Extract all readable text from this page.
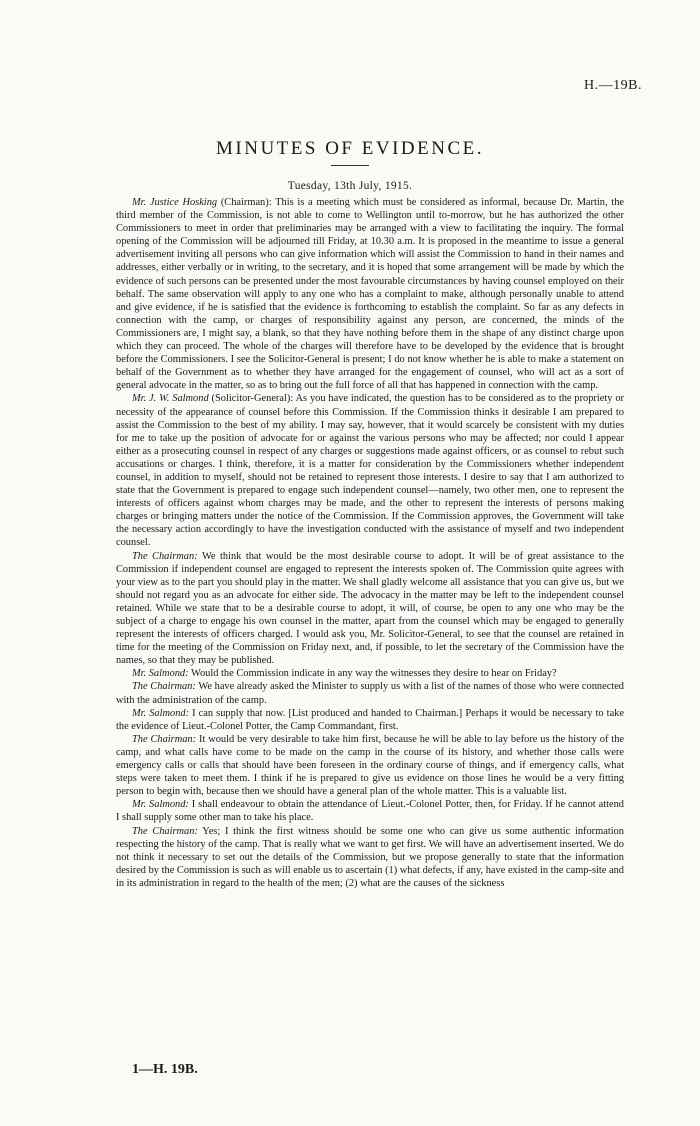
H.—19B.
MINUTES OF EVIDENCE.
Tuesday, 13th July, 1915.

Mr. Justice Hosking (Chairman): This is a meeting which must be considered as informal, because Dr. Martin, the third member of the Commission, is not able to come to Wellington until to-morrow, but he has authorized the other Commissioners to meet in order that preliminaries may be arranged with a view to facilitating the inquiry. The formal opening of the Commission will be adjourned till Friday, at 10.30 a.m. It is proposed in the meantime to issue a general advertisement inviting all persons who can give information which will assist the Commission to hand in their names and addresses, either verbally or in writing, to the secretary, and it is hoped that some arrangement will be made by which the evidence of such persons can be presented under the most favourable circumstances by having counsel employed on their behalf. The same observation will apply to any one who has a complaint to make, although personally unable to attend and give evidence, if he is satisfied that the evidence is forthcoming to establish the complaint. So far as any defects in connection with the camp, or charges of responsibility against any person, are concerned, the minds of the Commissioners are, I might say, a blank, so that they have nothing before them in the shape of any distinct charge upon which they can proceed. The whole of the charges will therefore have to be developed by the evidence that is brought before the Commissioners. I see the Solicitor-General is present; I do not know whether he is able to make a statement on behalf of the Government as to whether they have arranged for the engagement of counsel, who will act as a sort of general advocate in the matter, so as to bring out the full force of all that has happened in connection with the camp.

Mr. J. W. Salmond (Solicitor-General): As you have indicated, the question has to be considered as to the propriety or necessity of the appearance of counsel before this Commission. If the Commission thinks it desirable I am prepared to assist the Commission to the best of my ability. I may say, however, that it would scarcely be consistent with my duties for me to take up the position of advocate for or against the various persons who may be affected; nor could I appear either as a prosecuting counsel in respect of any charges or suggestions made against officers, or as counsel to rebut such accusations or charges. I think, therefore, it is a matter for consideration by the Commissioners whether independent counsel, in addition to myself, should not be retained to represent those interests. I desire to say that I am authorized to state that the Government is prepared to engage such independent counsel—namely, two other men, one to represent the interests of officers against whom charges may be made, and the other to represent the interests of persons making charges or bringing matters under the notice of the Commission. If the Commission approves, the Government will take the necessary action accordingly to have the investigation conducted with the assistance of myself and two independent counsel.

The Chairman: We think that would be the most desirable course to adopt. It will be of great assistance to the Commission if independent counsel are engaged to represent the interests spoken of. The Commission quite agrees with your view as to the part you should play in the matter. We shall gladly welcome all assistance that you can give us, but we should not regard you as an advocate for either side. The advocacy in the matter may be left to the independent counsel retained. While we state that to be a desirable course to adopt, it will, of course, be open to any one who may be the subject of a charge to engage his own counsel in the matter, apart from the counsel which may be engaged to generally represent the interests of officers charged. I would ask you, Mr. Solicitor-General, to see that the counsel are retained in time for the meeting of the Commission on Friday next, and, if possible, to let the secretary of the Commission have the names, so that they may be published.

Mr. Salmond: Would the Commission indicate in any way the witnesses they desire to hear on Friday?

The Chairman: We have already asked the Minister to supply us with a list of the names of those who were connected with the administration of the camp.

Mr. Salmond: I can supply that now. [List produced and handed to Chairman.] Perhaps it would be necessary to take the evidence of Lieut.-Colonel Potter, the Camp Commandant, first.

The Chairman: It would be very desirable to take him first, because he will be able to lay before us the history of the camp, and what calls have come to be made on the camp in the course of its history, and whether those calls were emergency calls or calls that should have been foreseen in the ordinary course of things, and if emergency calls, what steps were taken to meet them. I think if he is prepared to give us evidence on those lines he would be a very fitting person to begin with, because then we should have a general plan of the whole matter. This is a valuable list.

Mr. Salmond: I shall endeavour to obtain the attendance of Lieut.-Colonel Potter, then, for Friday. If he cannot attend I shall supply some other man to take his place.

The Chairman: Yes; I think the first witness should be some one who can give us some authentic information respecting the history of the camp. That is really what we want to get first. We will have an advertisement inserted. We do not think it necessary to set out the details of the Commission, but we propose generally to state that the information desired by the Commission is such as will enable us to ascertain (1) what defects, if any, have existed in the camp-site and in its administration in regard to the health of the men; (2) what are the causes of the sickness

1—H. 19B.
